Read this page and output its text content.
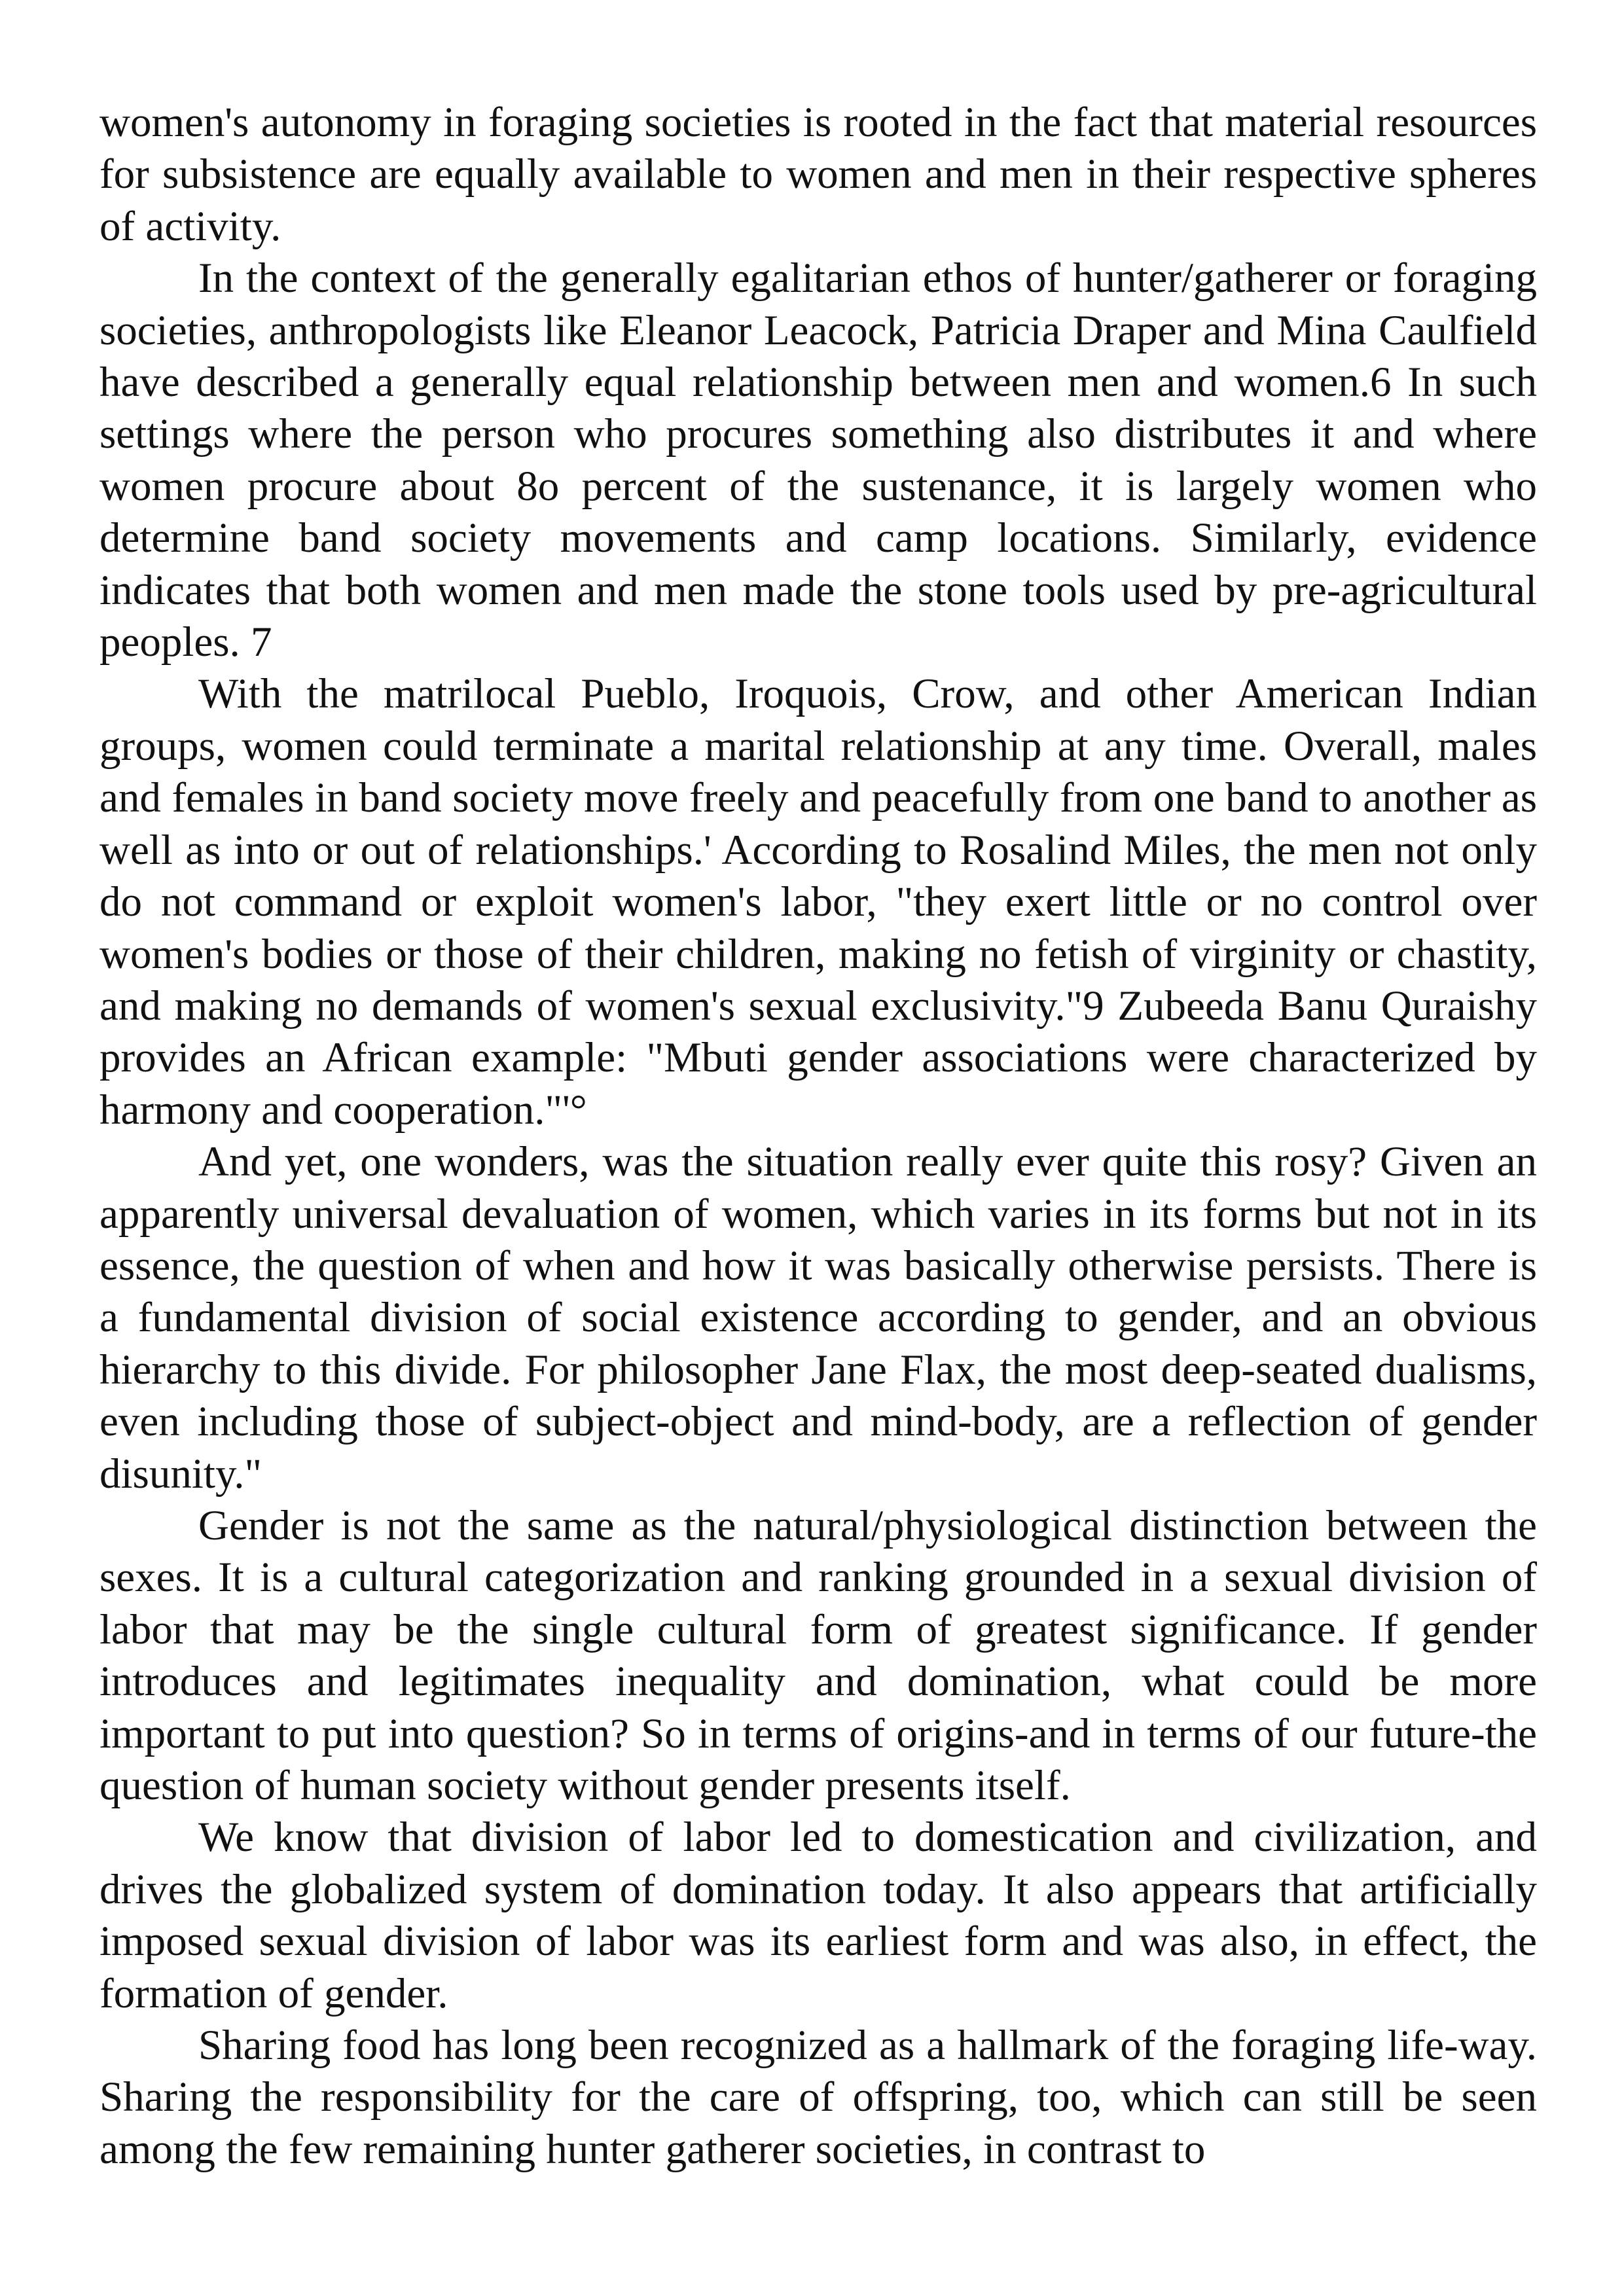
women's autonomy in foraging societies is rooted in the fact that material resources for subsistence are equally available to women and men in their respective spheres of activity.

In the context of the generally egalitarian ethos of hunter/gatherer or foraging societies, anthropologists like Eleanor Leacock, Patricia Draper and Mina Caulfield have described a generally equal relationship between men and women.6 In such settings where the person who procures something also distributes it and where women procure about 8o percent of the sustenance, it is largely women who determine band society movements and camp locations. Similarly, evidence indicates that both women and men made the stone tools used by pre-agricultural peoples. 7

With the matrilocal Pueblo, Iroquois, Crow, and other American Indian groups, women could terminate a marital relationship at any time. Overall, males and females in band society move freely and peacefully from one band to another as well as into or out of relationships.' According to Rosalind Miles, the men not only do not command or exploit women's labor, "they exert little or no control over women's bodies or those of their children, making no fetish of virginity or chastity, and making no demands of women's sexual exclusivity."9 Zubeeda Banu Quraishy provides an African example: "Mbuti gender associations were characterized by harmony and cooperation."'°

And yet, one wonders, was the situation really ever quite this rosy? Given an apparently universal devaluation of women, which varies in its forms but not in its essence, the question of when and how it was basically otherwise persists. There is a fundamental division of social existence according to gender, and an obvious hierarchy to this divide. For philosopher Jane Flax, the most deep-seated dualisms, even including those of subject-object and mind-body, are a reflection of gender disunity."

Gender is not the same as the natural/physiological distinction between the sexes. It is a cultural categorization and ranking grounded in a sexual division of labor that may be the single cultural form of greatest significance. If gender introduces and legitimates inequality and domination, what could be more important to put into question? So in terms of origins-and in terms of our future-the question of human society without gender presents itself.

We know that division of labor led to domestication and civilization, and drives the globalized system of domination today. It also appears that artificially imposed sexual division of labor was its earliest form and was also, in effect, the formation of gender.

Sharing food has long been recognized as a hallmark of the foraging life-way. Sharing the responsibility for the care of offspring, too, which can still be seen among the few remaining hunter gatherer societies, in contrast to
